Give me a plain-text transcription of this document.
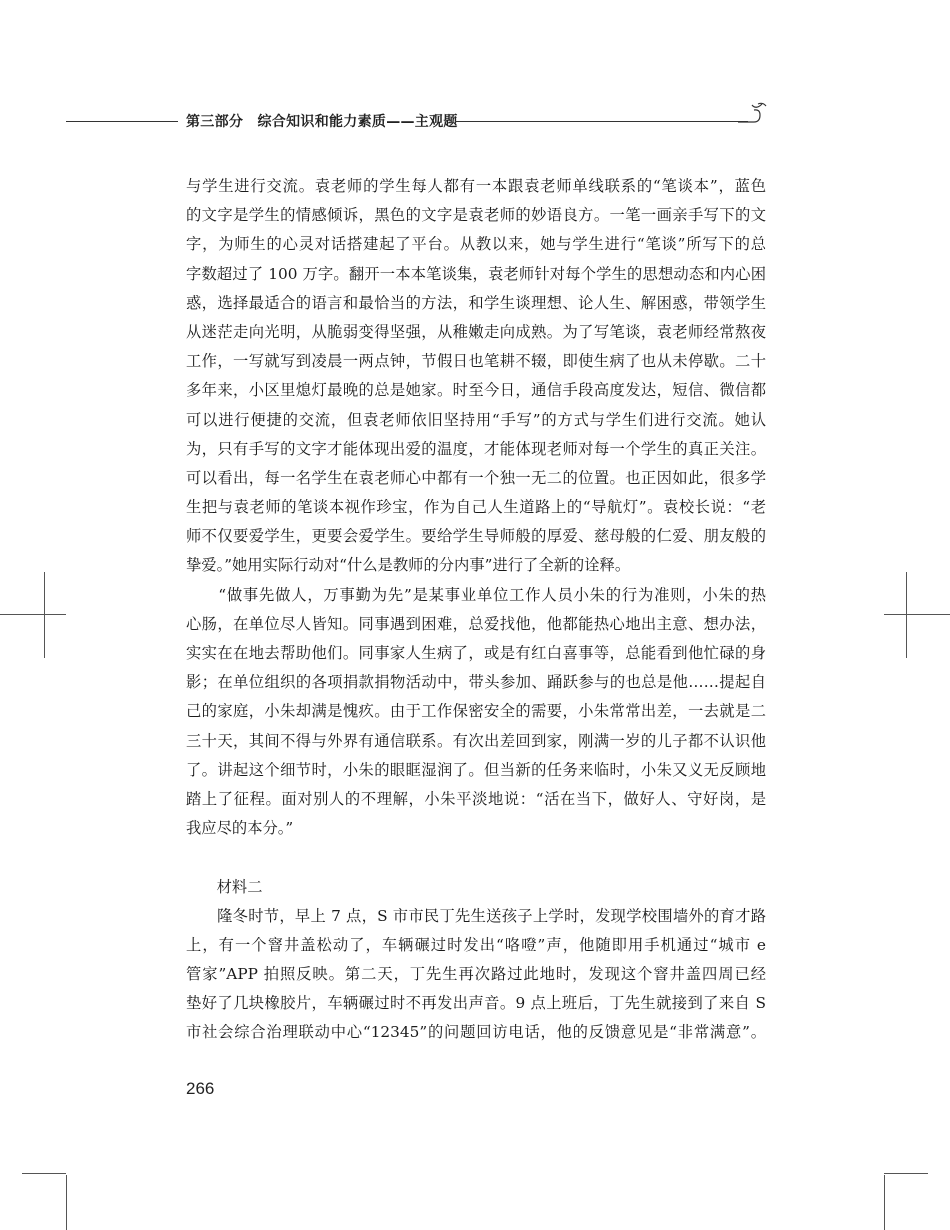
第三部分　综合知识和能力素质——主观题
与学生进行交流。袁老师的学生每人都有一本跟袁老师单线联系的“笔谈本”，蓝色
的文字是学生的情感倾诉，黑色的文字是袁老师的妙语良方。一笔一画亲手写下的文
字，为师生的心灵对话搭建起了平台。从教以来，她与学生进行“笔谈”所写下的总
字数超过了 100 万字。翻开一本本笔谈集，袁老师针对每个学生的思想动态和内心困
惑，选择最适合的语言和最恰当的方法，和学生谈理想、论人生、解困惑，带领学生
从迷茫走向光明，从脆弱变得坚强，从稚嫩走向成熟。为了写笔谈，袁老师经常熬夜
工作，一写就写到凌晨一两点钟，节假日也笔耕不辍，即使生病了也从未停歇。二十
多年来，小区里熄灯最晚的总是她家。时至今日，通信手段高度发达，短信、微信都
可以进行便捷的交流，但袁老师依旧坚持用“手写”的方式与学生们进行交流。她认
为，只有手写的文字才能体现出爱的温度，才能体现老师对每一个学生的真正关注。
可以看出，每一名学生在袁老师心中都有一个独一无二的位置。也正因如此，很多学
生把与袁老师的笔谈本视作珍宝，作为自己人生道路上的“导航灯”。袁校长说：“老
师不仅要爱学生，更要会爱学生。要给学生导师般的厚爱、慈母般的仁爱、朋友般的
挚爱。”她用实际行动对“什么是教师的分内事”进行了全新的诠释。
　　“做事先做人，万事勤为先”是某事业单位工作人员小朱的行为准则，小朱的热
心肠，在单位尽人皆知。同事遇到困难，总爱找他，他都能热心地出主意、想办法，
实实在在地去帮助他们。同事家人生病了，或是有红白喜事等，总能看到他忙碌的身
影；在单位组织的各项捐款捐物活动中，带头参加、踊跃参与的也总是他……提起自
己的家庭，小朱却满是愧疚。由于工作保密安全的需要，小朱常常出差，一去就是二
三十天，其间不得与外界有通信联系。有次出差回到家，刚满一岁的儿子都不认识他
了。讲起这个细节时，小朱的眼眶湿润了。但当新的任务来临时，小朱又义无反顾地
踏上了征程。面对别人的不理解，小朱平淡地说：“活在当下，做好人、守好岗，是
我应尽的本分。”
　　材料二
　　隆冬时节，早上 7 点，S 市市民丁先生送孩子上学时，发现学校围墙外的育才路
上，有一个窨井盖松动了，车辆碾过时发出“咯噔”声，他随即用手机通过“城市 e
管家”APP 拍照反映。第二天，丁先生再次路过此地时，发现这个窨井盖四周已经
垫好了几块橡胶片，车辆碾过时不再发出声音。9 点上班后，丁先生就接到了来自 S
市社会综合治理联动中心“12345”的问题回访电话，他的反馈意见是“非常满意”。
266
